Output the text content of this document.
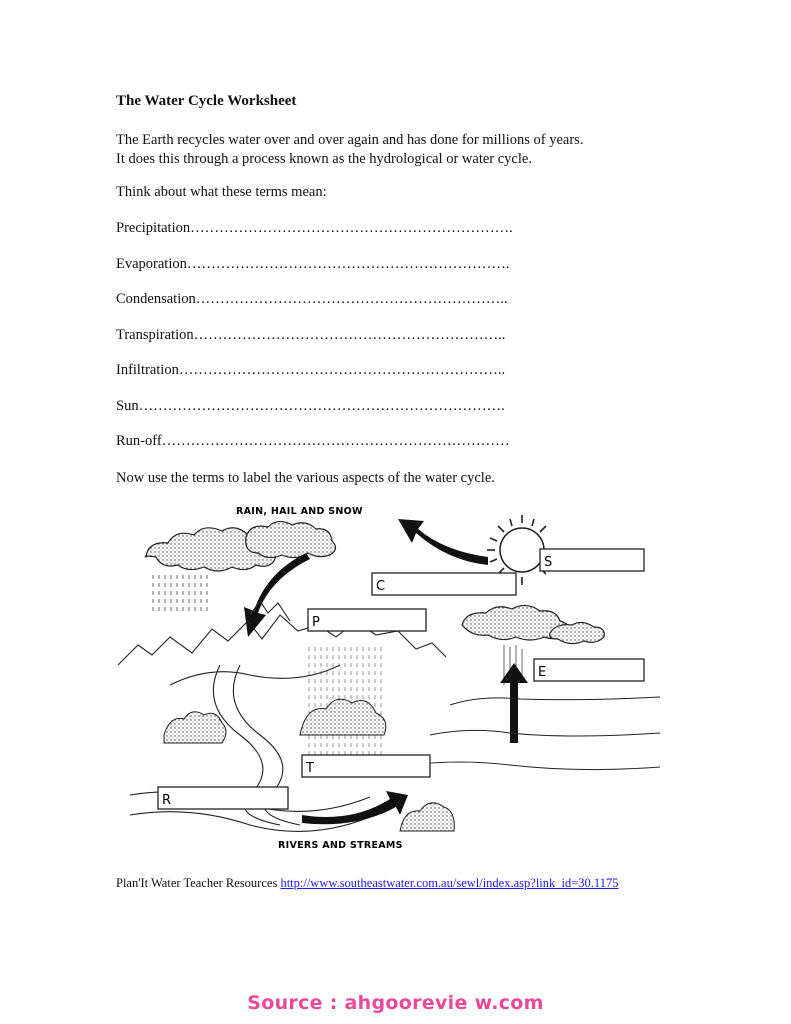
The Water Cycle Worksheet
The Earth recycles water over and over again and has done for millions of years.
It does this through a process known as the hydrological or water cycle.
Think about what these terms mean:
Precipitation………………………………………………………….
Evaporation………………………………………………………….
Condensation………………………………………………………..
Transpiration………………………………………………………..
Infiltration…………………………………………………………..
Sun………………………………………………………………….
Run-off………………………………………………………………
Now use the terms to label the various aspects of the water cycle.
RAIN, HAIL AND SNOW
S
C
P
E
T
R
RIVERS AND STREAMS
Plan'It Water Teacher Resources http://www.southeastwater.com.au/sewl/index.asp?link_id=30.1175
Source : ahgoorevie w.com
